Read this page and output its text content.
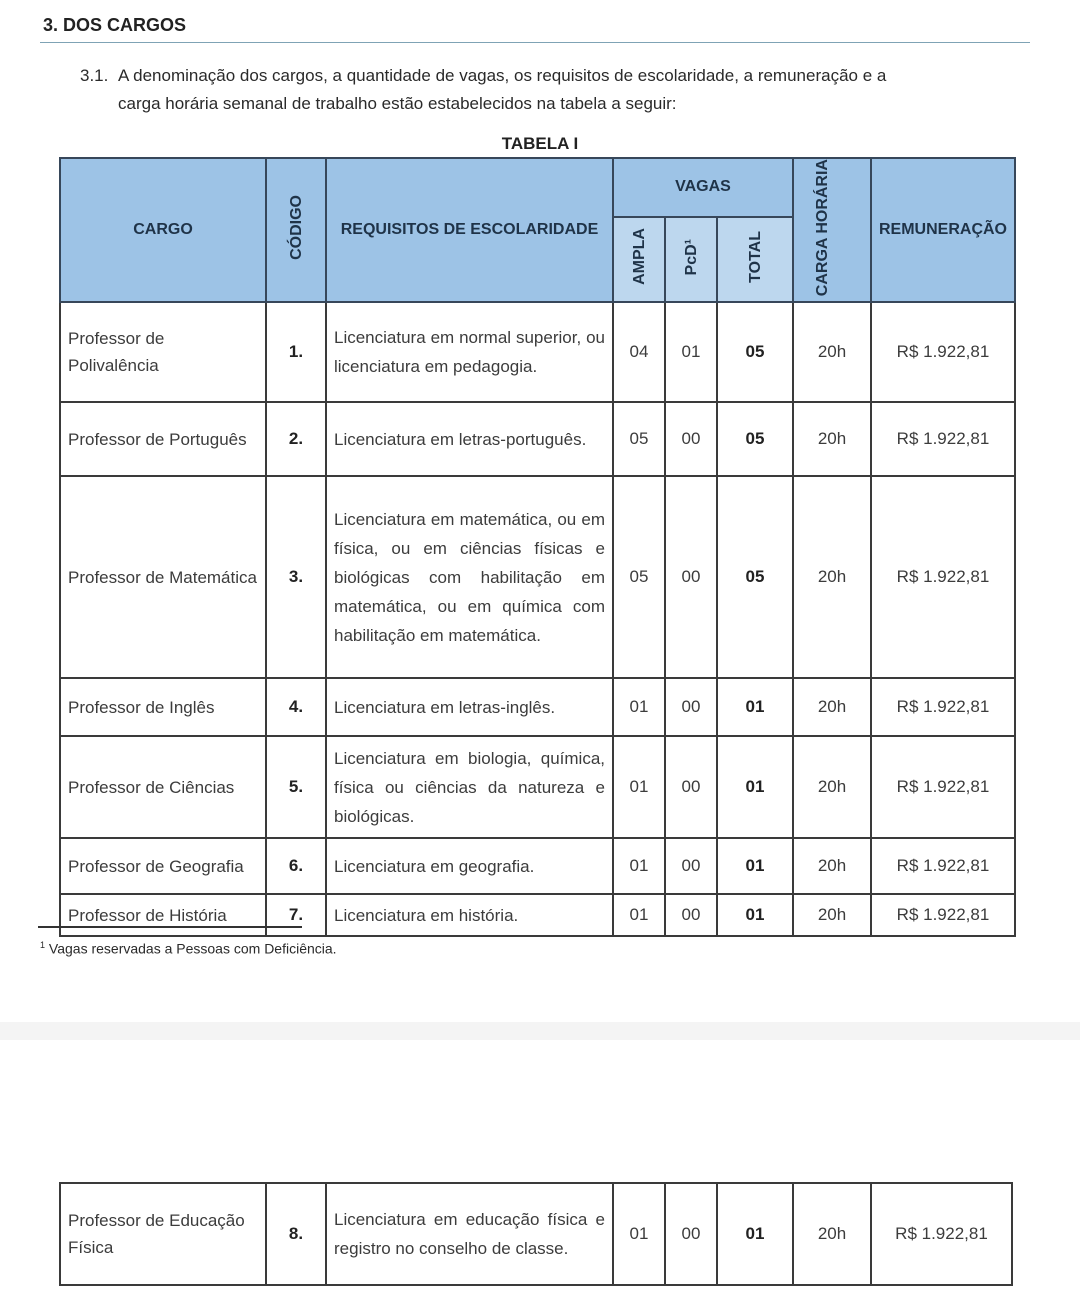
3. DOS CARGOS
3.1. A denominação dos cargos, a quantidade de vagas, os requisitos de escolaridade, a remuneração e a
carga horária semanal de trabalho estão estabelecidos na tabela a seguir:
TABELA I
CARGO	CÓDIGO	REQUISITOS DE ESCOLARIDADE	VAGAS			CARGA HORÁRIA	REMUNERAÇÃO
			AMPLA	PcD¹	TOTAL		
Professor de Polivalência	1.	Licenciatura em normal superior, ou licenciatura em pedagogia.	04	01	05	20h	R$ 1.922,81
Professor de Português	2.	Licenciatura em letras-português.	05	00	05	20h	R$ 1.922,81
Professor de Matemática	3.	Licenciatura em matemática, ou em física, ou em ciências físicas e biológicas com habilitação em matemática, ou em química com habilitação em matemática.	05	00	05	20h	R$ 1.922,81
Professor de Inglês	4.	Licenciatura em letras-inglês.	01	00	01	20h	R$ 1.922,81
Professor de Ciências	5.	Licenciatura em biologia, química, física ou ciências da natureza e biológicas.	01	00	01	20h	R$ 1.922,81
Professor de Geografia	6.	Licenciatura em geografia.	01	00	01	20h	R$ 1.922,81
Professor de História	7.	Licenciatura em história.	01	00	01	20h	R$ 1.922,81
$^1$ Vagas reservadas a Pessoas com Deficiência.
Professor de Educação Física	8.	Licenciatura em educação física e registro no conselho de classe.	01	00	01	20h	R$ 1.922,81
